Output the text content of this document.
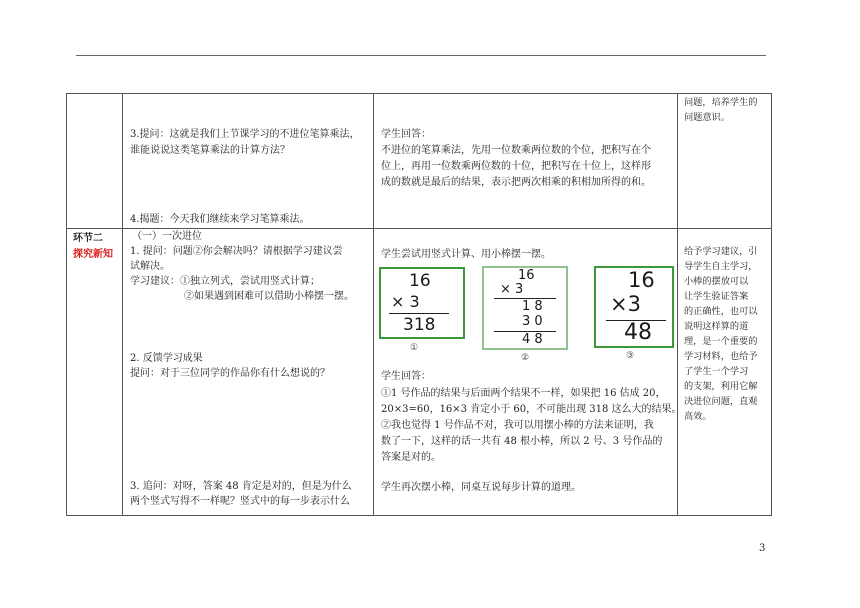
3.提问：这就是我们上节课学习的不进位笔算乘法，
谁能说说这类笔算乘法的计算方法？
4.揭题：今天我们继续来学习笔算乘法。
学生回答：
不进位的笔算乘法，先用一位数乘两位数的个位，把积写在个
位上，再用一位数乘两位数的十位，把积写在十位上，这样形
成的数就是最后的结果，表示把两次相乘的积相加所得的和。
问题，培养学生的
问题意识。
环节二
探究新知
（一）一次进位
1. 提问：问题②你会解决吗？请根据学习建议尝
试解决。
学习建议：①独立列式，尝试用竖式计算；
②如果遇到困难可以借助小棒摆一摆。
2. 反馈学习成果
提问：对于三位同学的作品你有什么想说的？
3. 追问：对呀，答案 48 肯定是对的，但是为什么
两个竖式写得不一样呢？竖式中的每一步表示什么
学生尝试用竖式计算、用小棒摆一摆。
16
× 3
318
①
16
× 3
1 8
3 0
4 8
②
16
×3
48
③
学生回答：
①1 号作品的结果与后面两个结果不一样，如果把 16 估成 20，
20×3=60，16×3 肯定小于 60，不可能出现 318 这么大的结果。
②我也觉得 1 号作品不对，我可以用摆小棒的方法来证明，我
数了一下，这样的话一共有 48 根小棒，所以 2 号、3 号作品的
答案是对的。
学生再次摆小棒，同桌互说每步计算的道理。
给予学习建议，引
导学生自主学习，
小棒的摆放可以
让学生验证答案
的正确性，也可以
说明这样算的道
理，是一个重要的
学习材料，也给予
了学生一个学习
的支架，利用它解
决进位问题，直观
高效。
3
